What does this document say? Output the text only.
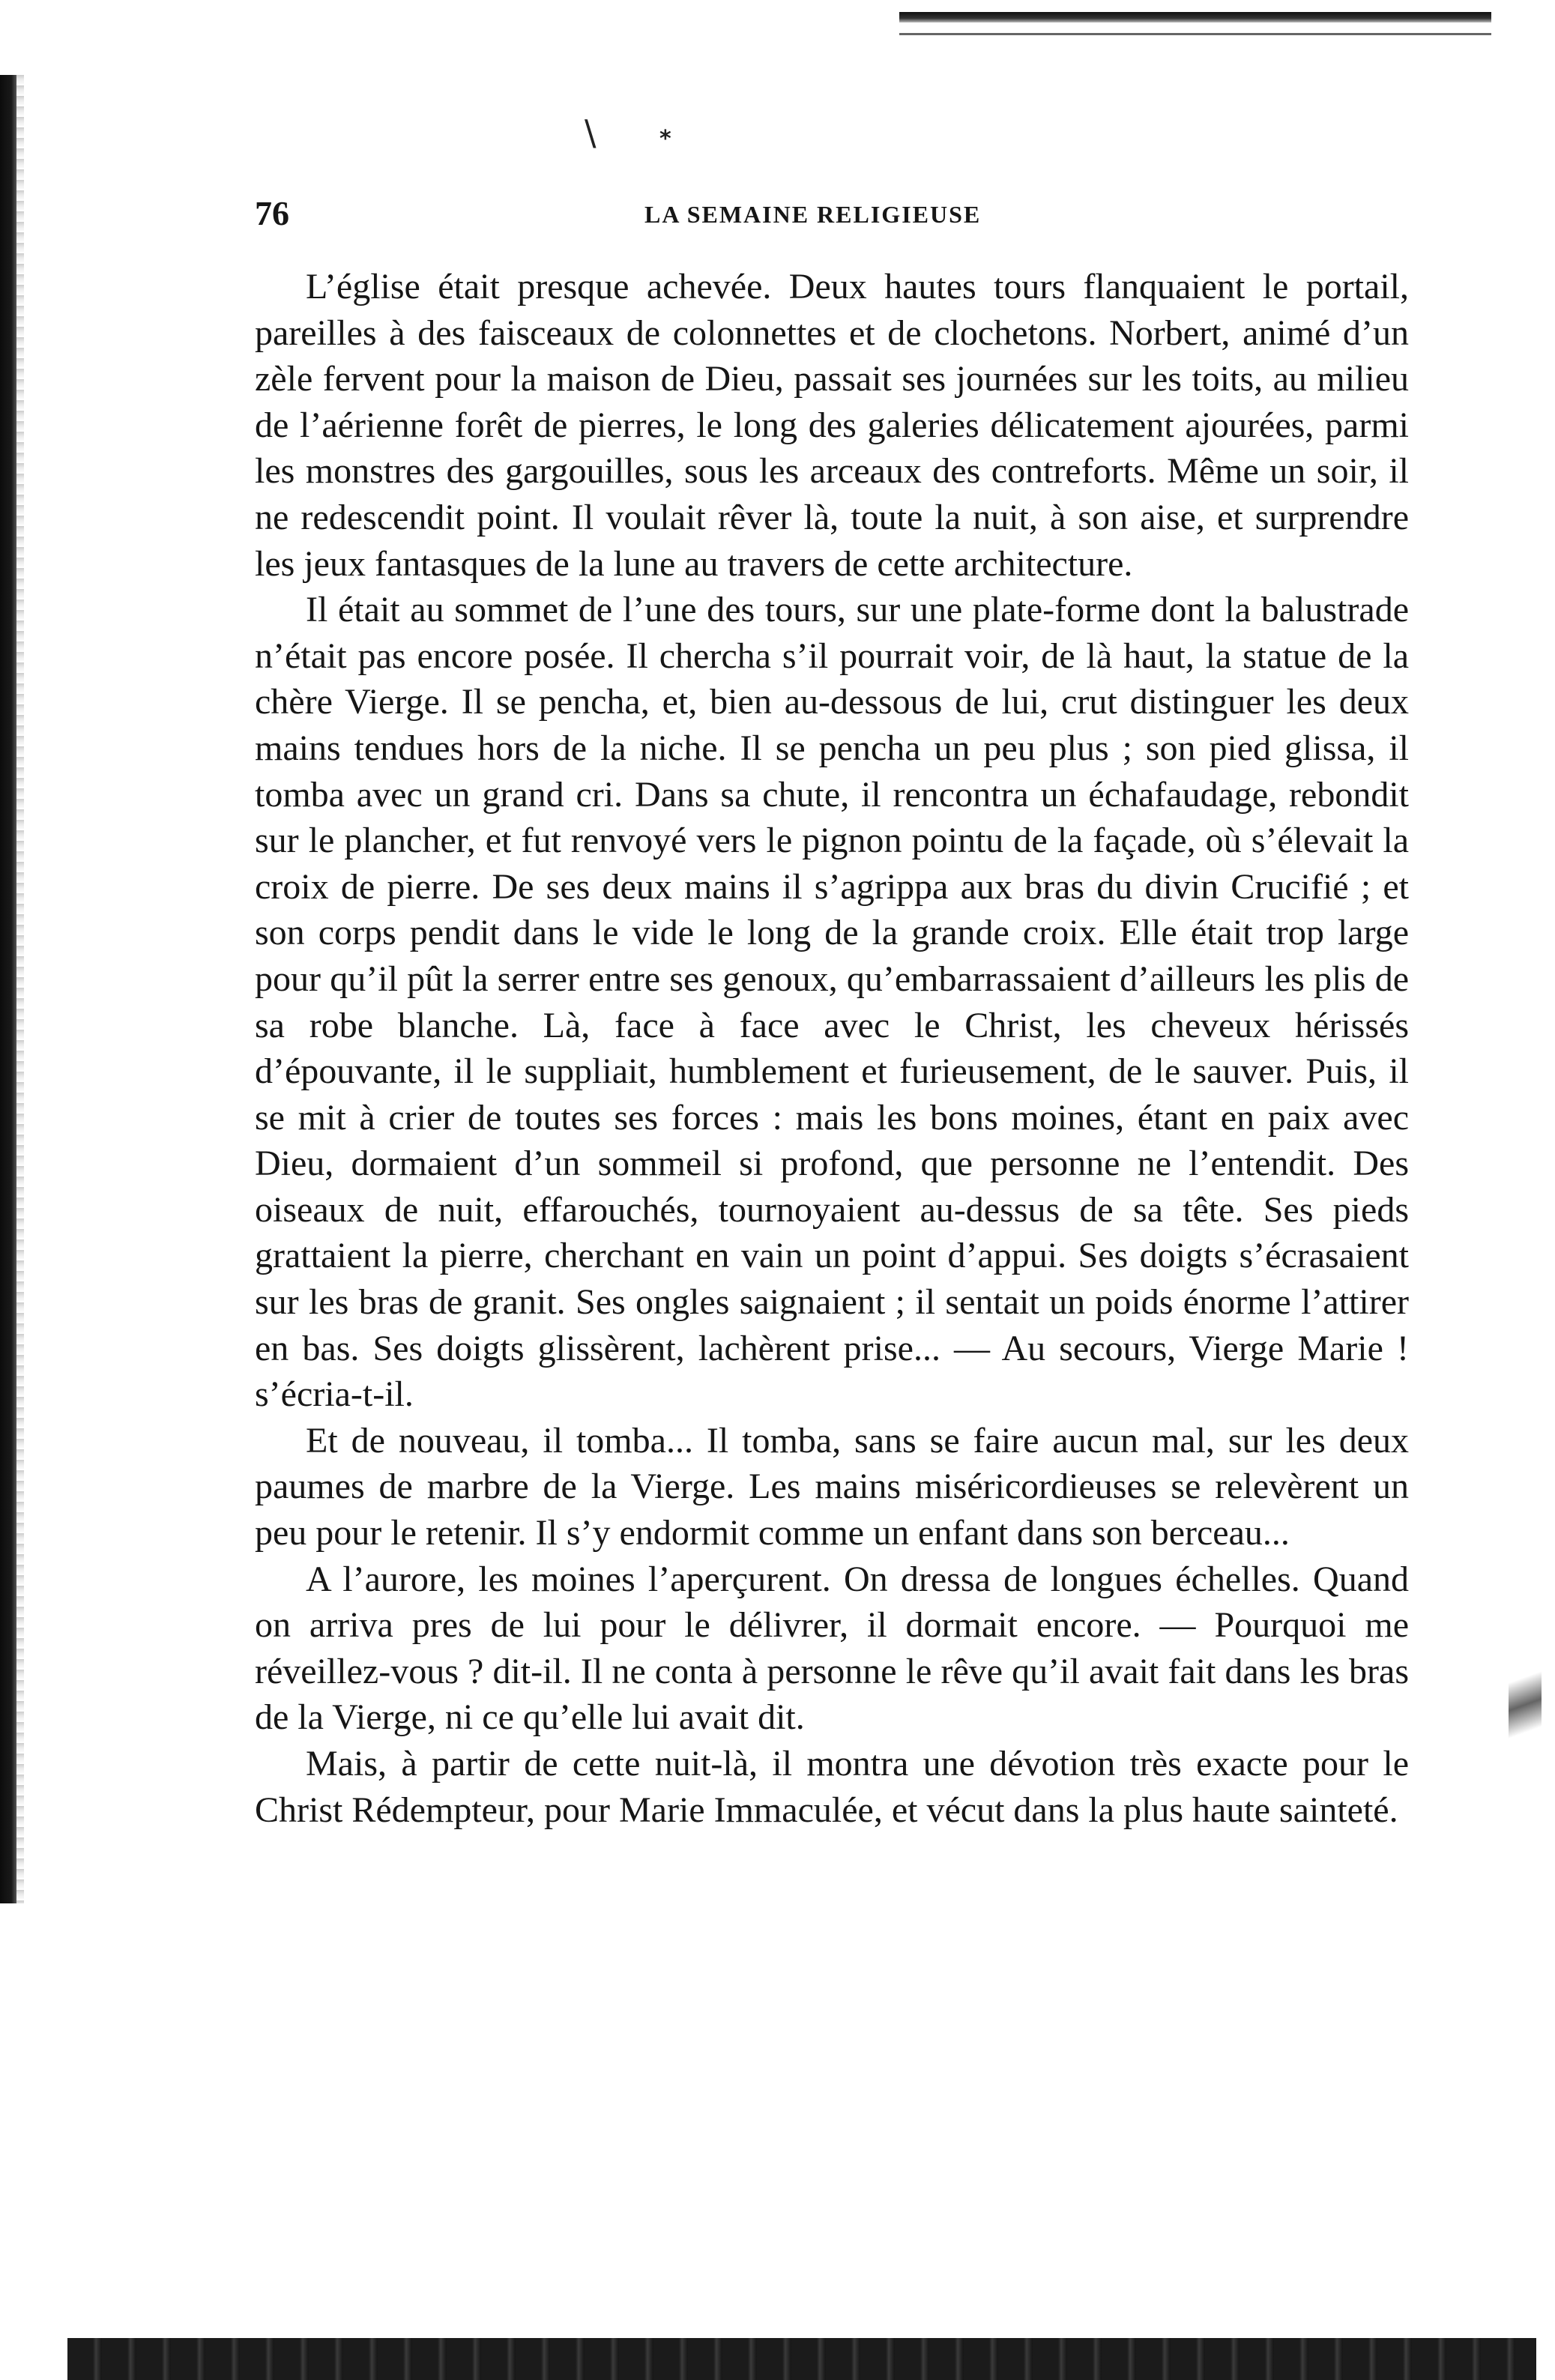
\	*
76	LA SEMAINE RELIGIEUSE

L’église était presque achevée. Deux hautes tours flanquaient le portail, pareilles à des faisceaux de colonnettes et de clochetons. Norbert, animé d’un zèle fervent pour la maison de Dieu, passait ses journées sur les toits, au milieu de l’aérienne forêt de pierres, le long des galeries délicatement ajourées, parmi les monstres des gargouilles, sous les arceaux des contreforts. Même un soir, il ne redescendit point. Il voulait rêver là, toute la nuit, à son aise, et surprendre les jeux fantasques de la lune au travers de cette architecture.

Il était au sommet de l’une des tours, sur une plate-forme dont la balustrade n’était pas encore posée. Il chercha s’il pourrait voir, de là haut, la statue de la chère Vierge. Il se pencha, et, bien au-dessous de lui, crut distinguer les deux mains tendues hors de la niche. Il se pencha un peu plus ; son pied glissa, il tomba avec un grand cri. Dans sa chute, il rencontra un échafaudage, rebondit sur le plancher, et fut renvoyé vers le pignon pointu de la façade, où s’élevait la croix de pierre. De ses deux mains il s’agrippa aux bras du divin Crucifié ; et son corps pendit dans le vide le long de la grande croix. Elle était trop large pour qu’il pût la serrer entre ses genoux, qu’embarrassaient d’ailleurs les plis de sa robe blanche. Là, face à face avec le Christ, les cheveux hérissés d’épouvante, il le suppliait, humblement et furieusement, de le sauver. Puis, il se mit à crier de toutes ses forces : mais les bons moines, étant en paix avec Dieu, dormaient d’un sommeil si profond, que personne ne l’entendit. Des oiseaux de nuit, effarouchés, tournoyaient au-dessus de sa tête. Ses pieds grattaient la pierre, cherchant en vain un point d’appui. Ses doigts s’écrasaient sur les bras de granit. Ses ongles saignaient ; il sentait un poids énorme l’attirer en bas. Ses doigts glissèrent, lachèrent prise... — Au secours, Vierge Marie ! s’écria-t-il.

Et de nouveau, il tomba... Il tomba, sans se faire aucun mal, sur les deux paumes de marbre de la Vierge. Les mains miséricordieuses se relevèrent un peu pour le retenir. Il s’y endormit comme un enfant dans son berceau...

A l’aurore, les moines l’aperçurent. On dressa de longues échelles. Quand on arriva pres de lui pour le délivrer, il dormait encore. — Pourquoi me réveillez-vous ? dit-il. Il ne conta à personne le rêve qu’il avait fait dans les bras de la Vierge, ni ce qu’elle lui avait dit.

Mais, à partir de cette nuit-là, il montra une dévotion très exacte pour le Christ Rédempteur, pour Marie Immaculée, et vécut dans la plus haute sainteté.
